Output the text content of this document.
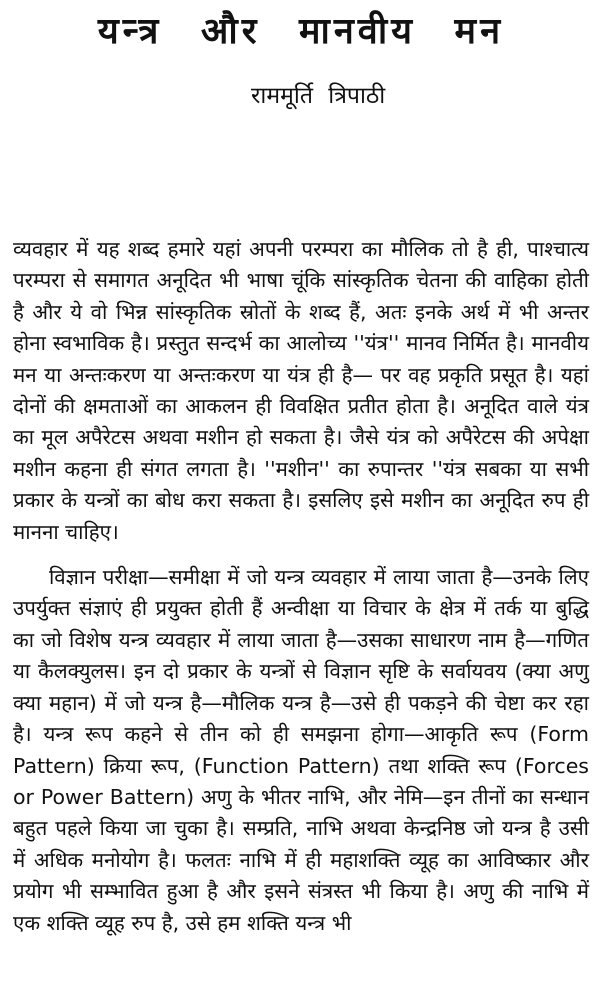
यन्त्र और मानवीय मन
राममूर्ति त्रिपाठी

व्यवहार में यह शब्द हमारे यहां अपनी परम्परा का मौलिक तो है ही, पाश्चात्य परम्परा से समागत अनूदित भी भाषा चूंकि सांस्कृतिक चेतना की वाहिका होती है और ये वो भिन्न सांस्कृतिक स्रोतों के शब्द हैं, अतः इनके अर्थ में भी अन्तर होना स्वभाविक है। प्रस्तुत सन्दर्भ का आलोच्य ''यंत्र'' मानव निर्मित है। मानवीय मन या अन्तःकरण या अन्तःकरण या यंत्र ही है— पर वह प्रकृति प्रसूत है। यहां दोनों की क्षमताओं का आकलन ही विवक्षित प्रतीत होता है। अनूदित वाले यंत्र का मूल अपैरेटस अथवा मशीन हो सकता है। जैसे यंत्र को अपैरेटस की अपेक्षा मशीन कहना ही संगत लगता है। ''मशीन'' का रुपान्तर ''यंत्र सबका या सभी प्रकार के यन्त्रों का बोध करा सकता है। इसलिए इसे मशीन का अनूदित रुप ही मानना चाहिए।

विज्ञान परीक्षा—समीक्षा में जो यन्त्र व्यवहार में लाया जाता है—उनके लिए उपर्युक्त संज्ञाएं ही प्रयुक्त होती हैं अन्वीक्षा या विचार के क्षेत्र में तर्क या बुद्धि का जो विशेष यन्त्र व्यवहार में लाया जाता है—उसका साधारण नाम है—गणित या कैलक्युलस। इन दो प्रकार के यन्त्रों से विज्ञान सृष्टि के सर्वायवय (क्या अणु क्या महान) में जो यन्त्र है—मौलिक यन्त्र है—उसे ही पकड़ने की चेष्टा कर रहा है। यन्त्र रूप कहने से तीन को ही समझना होगा—आकृति रूप (Form Pattern) क्रिया रूप, (Function Pattern) तथा शक्ति रूप (Forces or Power Battern) अणु के भीतर नाभि, और नेमि—इन तीनों का सन्धान बहुत पहले किया जा चुका है। सम्प्रति, नाभि अथवा केन्द्रनिष्ठ जो यन्त्र है उसी में अधिक मनोयोग है। फलतः नाभि में ही महाशक्ति व्यूह का आविष्कार और प्रयोग भी सम्भावित हुआ है और इसने संत्रस्त भी किया है। अणु की नाभि में एक शक्ति व्यूह रुप है, उसे हम शक्ति यन्त्र भी
